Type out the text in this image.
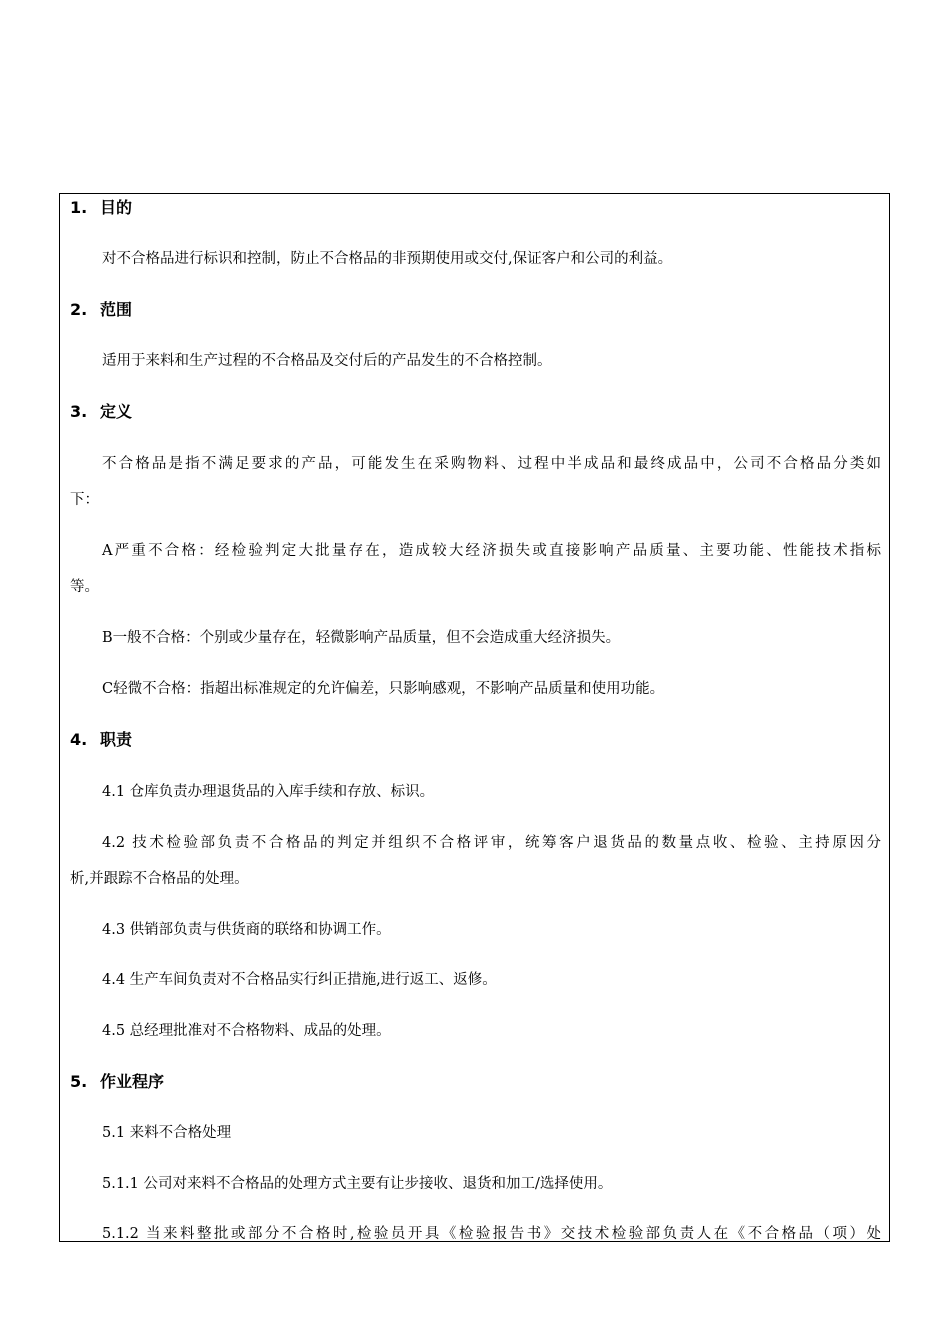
1. 目的
对不合格品进行标识和控制，防止不合格品的非预期使用或交付,保证客户和公司的利益。
2. 范围
适用于来料和生产过程的不合格品及交付后的产品发生的不合格控制。
3. 定义
不合格品是指不满足要求的产品，可能发生在采购物料、过程中半成品和最终成品中，公司不合格品分类如
下：
A严重不合格：经检验判定大批量存在，造成较大经济损失或直接影响产品质量、主要功能、性能技术指标
等。
B一般不合格：个别或少量存在，轻微影响产品质量，但不会造成重大经济损失。
C轻微不合格：指超出标准规定的允许偏差，只影响感观，不影响产品质量和使用功能。
4. 职责
4.1 仓库负责办理退货品的入库手续和存放、标识。
4.2 技术检验部负责不合格品的判定并组织不合格评审，统筹客户退货品的数量点收、检验、主持原因分
析,并跟踪不合格品的处理。
4.3 供销部负责与供货商的联络和协调工作。
4.4 生产车间负责对不合格品实行纠正措施,进行返工、返修。
4.5 总经理批准对不合格物料、成品的处理。
5. 作业程序
5.1 来料不合格处理
5.1.1 公司对来料不合格品的处理方式主要有让步接收、退货和加工/选择使用。
5.1.2 当来料整批或部分不合格时,检验员开具《检验报告书》交技术检验部负责人在《不合格品（项）处
